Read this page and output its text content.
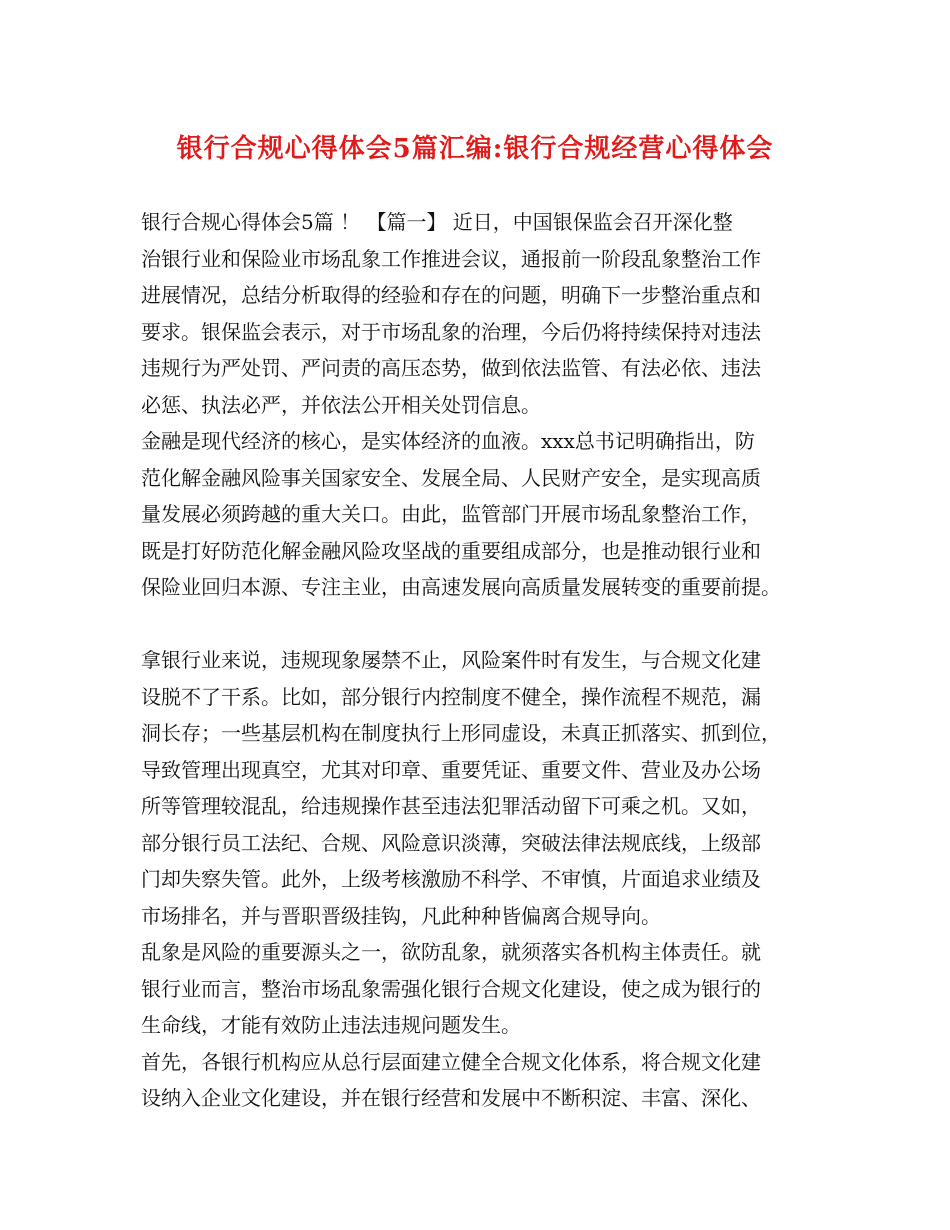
银行合规心得体会5篇汇编:银行合规经营心得体会
银行合规心得体会5篇 ！ 【篇一】 近日，中国银保监会召开深化整
治银行业和保险业市场乱象工作推进会议，通报前一阶段乱象整治工作
进展情况，总结分析取得的经验和存在的问题，明确下一步整治重点和
要求。银保监会表示，对于市场乱象的治理，今后仍将持续保持对违法
违规行为严处罚、严问责的高压态势，做到依法监管、有法必依、违法
必惩、执法必严，并依法公开相关处罚信息。
金融是现代经济的核心，是实体经济的血液。xxx总书记明确指出，防
范化解金融风险事关国家安全、发展全局、人民财产安全，是实现高质
量发展必须跨越的重大关口。由此，监管部门开展市场乱象整治工作，
既是打好防范化解金融风险攻坚战的重要组成部分，也是推动银行业和
保险业回归本源、专注主业，由高速发展向高质量发展转变的重要前提。
拿银行业来说，违规现象屡禁不止，风险案件时有发生，与合规文化建
设脱不了干系。比如，部分银行内控制度不健全，操作流程不规范，漏
洞长存；一些基层机构在制度执行上形同虚设，未真正抓落实、抓到位，
导致管理出现真空，尤其对印章、重要凭证、重要文件、营业及办公场
所等管理较混乱，给违规操作甚至违法犯罪活动留下可乘之机。又如，
部分银行员工法纪、合规、风险意识淡薄，突破法律法规底线，上级部
门却失察失管。此外，上级考核激励不科学、不审慎，片面追求业绩及
市场排名，并与晋职晋级挂钩，凡此种种皆偏离合规导向。
乱象是风险的重要源头之一，欲防乱象，就须落实各机构主体责任。就
银行业而言，整治市场乱象需强化银行合规文化建设，使之成为银行的
生命线，才能有效防止违法违规问题发生。
首先，各银行机构应从总行层面建立健全合规文化体系，将合规文化建
设纳入企业文化建设，并在银行经营和发展中不断积淀、丰富、深化、
